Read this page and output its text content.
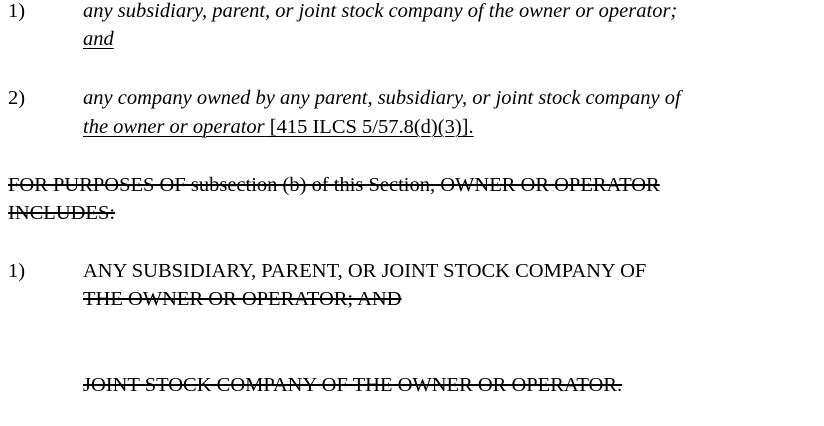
1)	any subsidiary, parent, or joint stock company of the owner or operator;
and
2)	any company owned by any parent, subsidiary, or joint stock company of
the owner or operator [415 ILCS 5/57.8(d)(3)].
FOR PURPOSES OF subsection (b) of this Section, OWNER OR OPERATOR
INCLUDES:
1)	ANY SUBSIDIARY, PARENT, OR JOINT STOCK COMPANY OF
THE OWNER OR OPERATOR; AND
JOINT STOCK COMPANY OF THE OWNER OR OPERATOR.
